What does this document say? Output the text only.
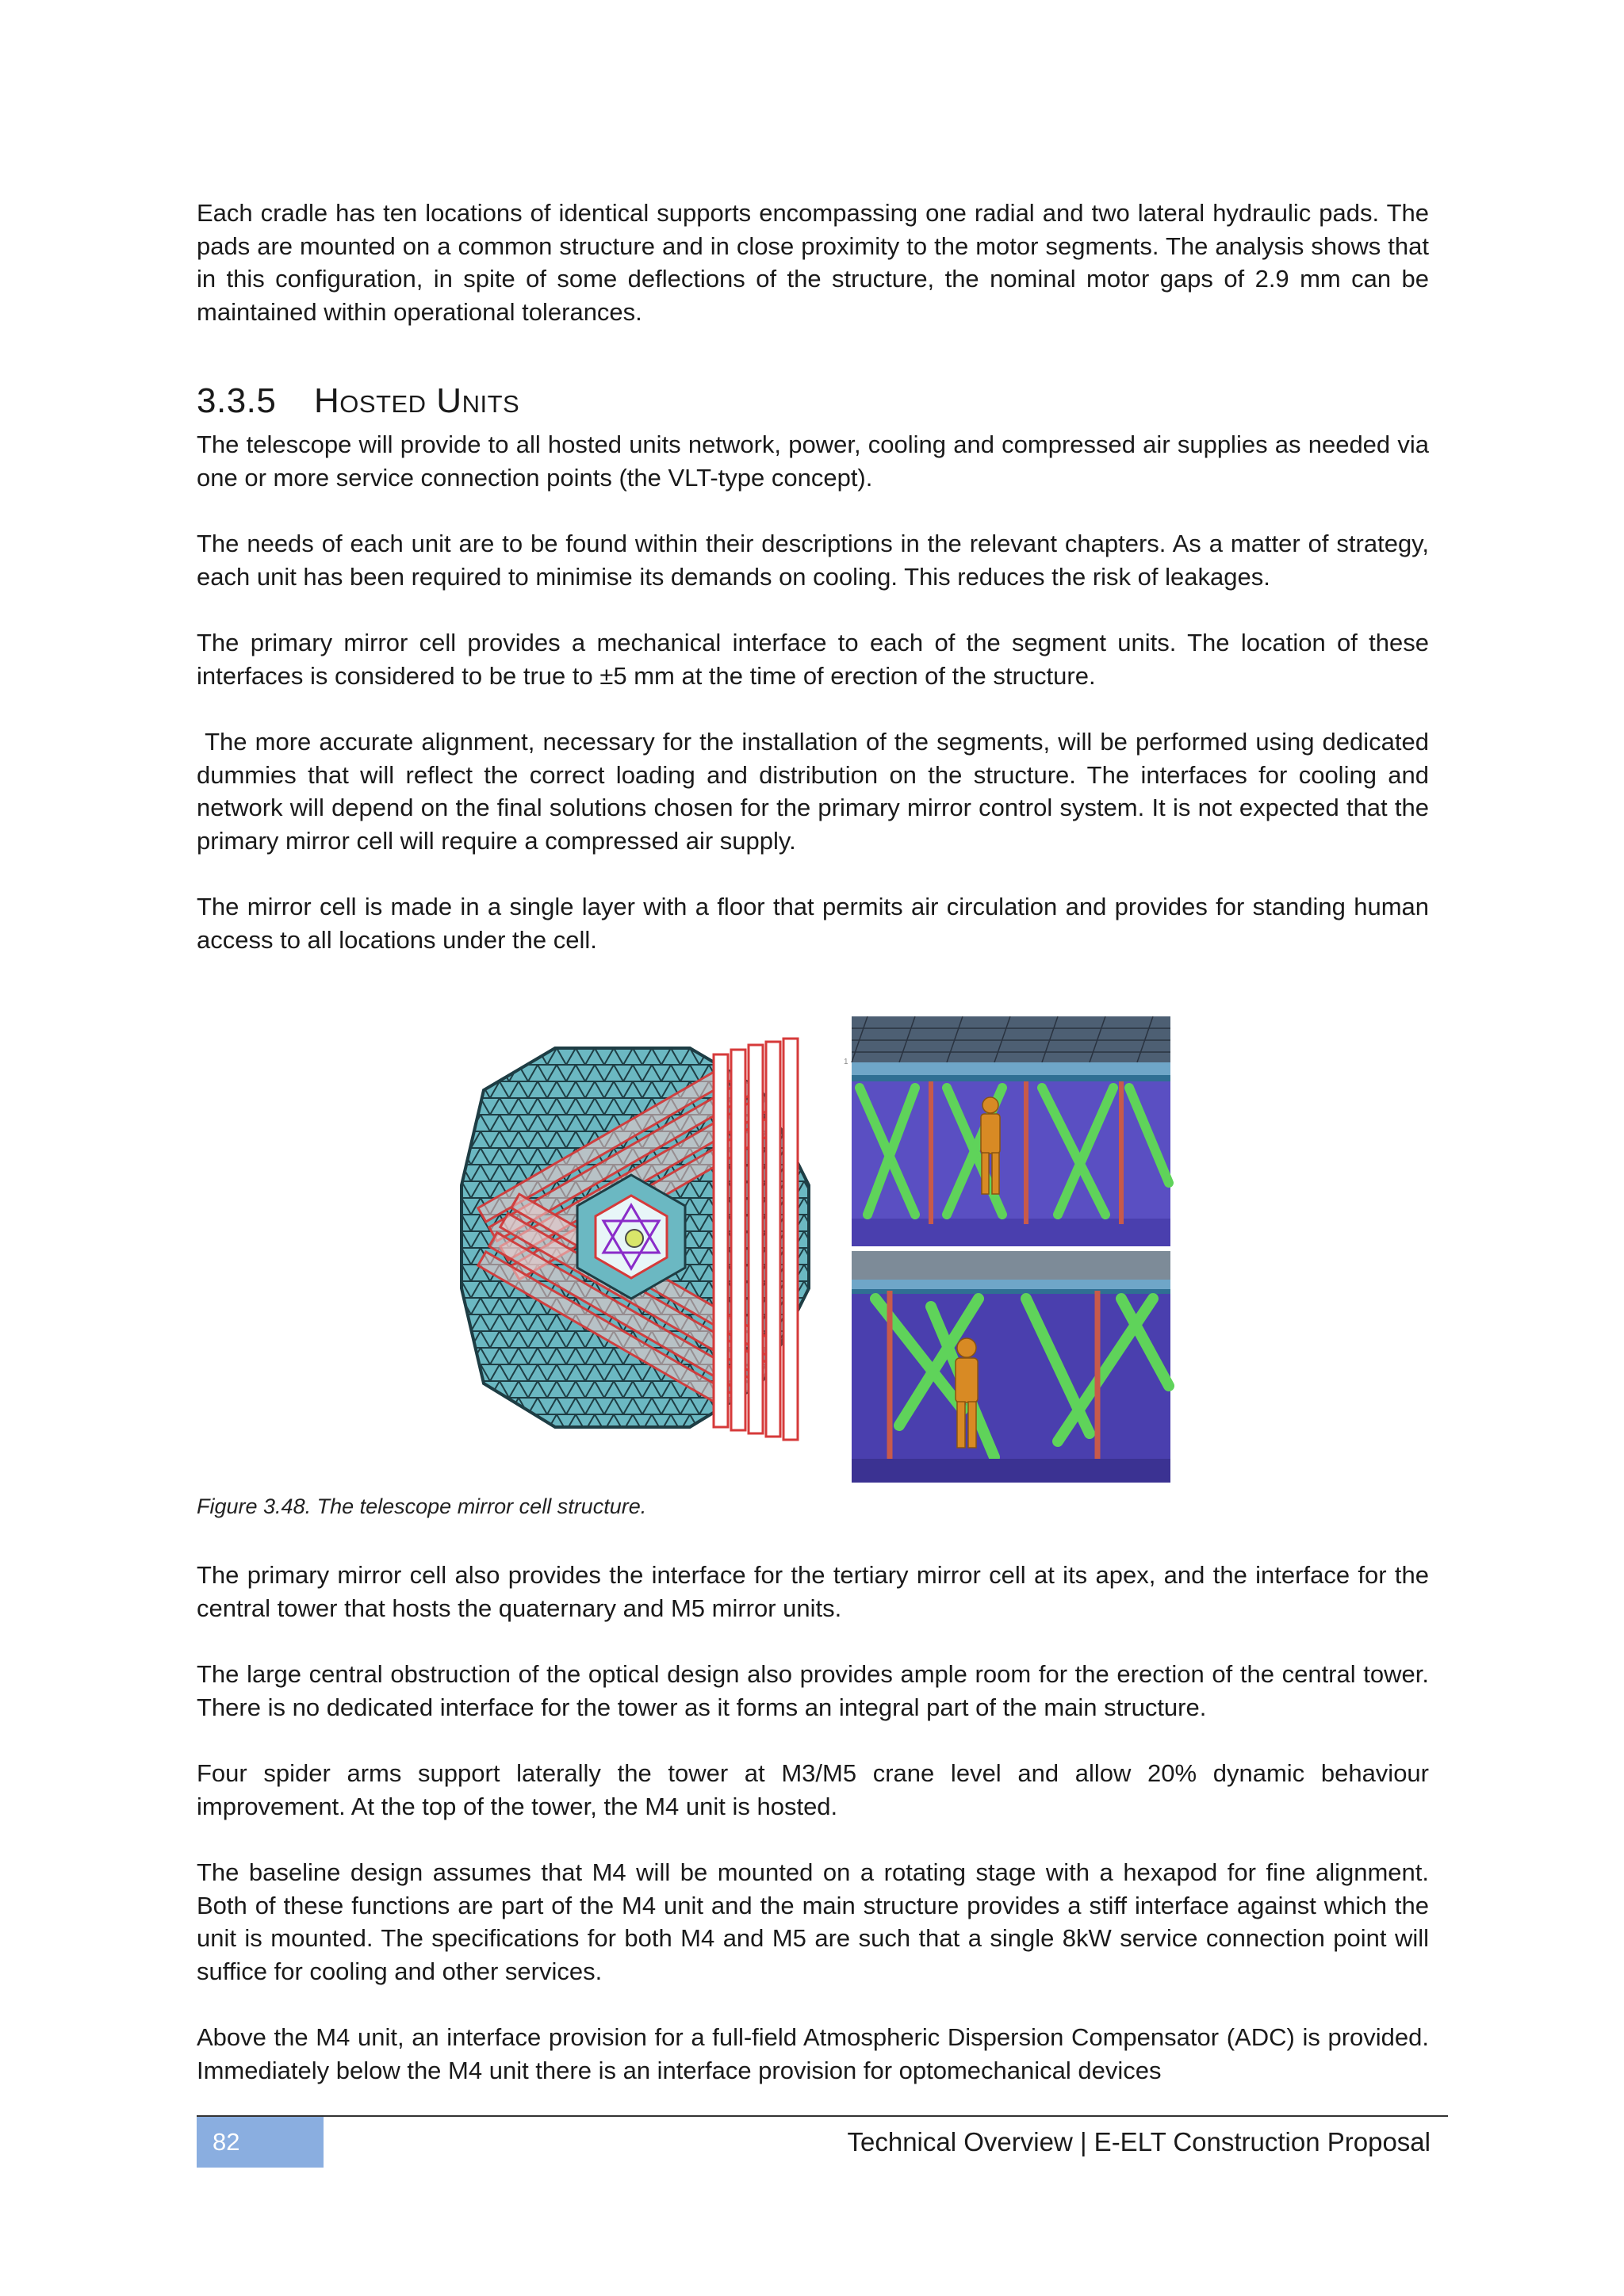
Each cradle has ten locations of identical supports encompassing one radial and two lateral hydraulic pads. The pads are mounted on a common structure and in close proximity to the motor segments. The analysis shows that in this configuration, in spite of some deflections of the structure, the nominal motor gaps of 2.9 mm can be maintained within operational tolerances.

3.3.5 Hosted Units

The telescope will provide to all hosted units network, power, cooling and compressed air supplies as needed via one or more service connection points (the VLT-type concept).

The needs of each unit are to be found within their descriptions in the relevant chapters. As a matter of strategy, each unit has been required to minimise its demands on cooling. This reduces the risk of leakages.

The primary mirror cell provides a mechanical interface to each of the segment units. The location of these interfaces is considered to be true to ±5 mm at the time of erection of the structure.

The more accurate alignment, necessary for the installation of the segments, will be performed using dedicated dummies that will reflect the correct loading and distribution on the structure. The interfaces for cooling and network will depend on the final solutions chosen for the primary mirror control system. It is not expected that the primary mirror cell will require a compressed air supply.

The mirror cell is made in a single layer with a floor that permits air circulation and provides for standing human access to all locations under the cell.

1

Figure 3.48. The telescope mirror cell structure.

The primary mirror cell also provides the interface for the tertiary mirror cell at its apex, and the interface for the central tower that hosts the quaternary and M5 mirror units.

The large central obstruction of the optical design also provides ample room for the erection of the central tower. There is no dedicated interface for the tower as it forms an integral part of the main structure.

Four spider arms support laterally the tower at M3/M5 crane level and allow 20% dynamic behaviour improvement. At the top of the tower, the M4 unit is hosted.

The baseline design assumes that M4 will be mounted on a rotating stage with a hexapod for fine alignment. Both of these functions are part of the M4 unit and the main structure provides a stiff interface against which the unit is mounted. The specifications for both M4 and M5 are such that a single 8kW service connection point will suffice for cooling and other services.

Above the M4 unit, an interface provision for a full-field Atmospheric Dispersion Compensator (ADC) is provided. Immediately below the M4 unit there is an interface provision for optomechanical devices

82	Technical Overview | E-ELT Construction Proposal
